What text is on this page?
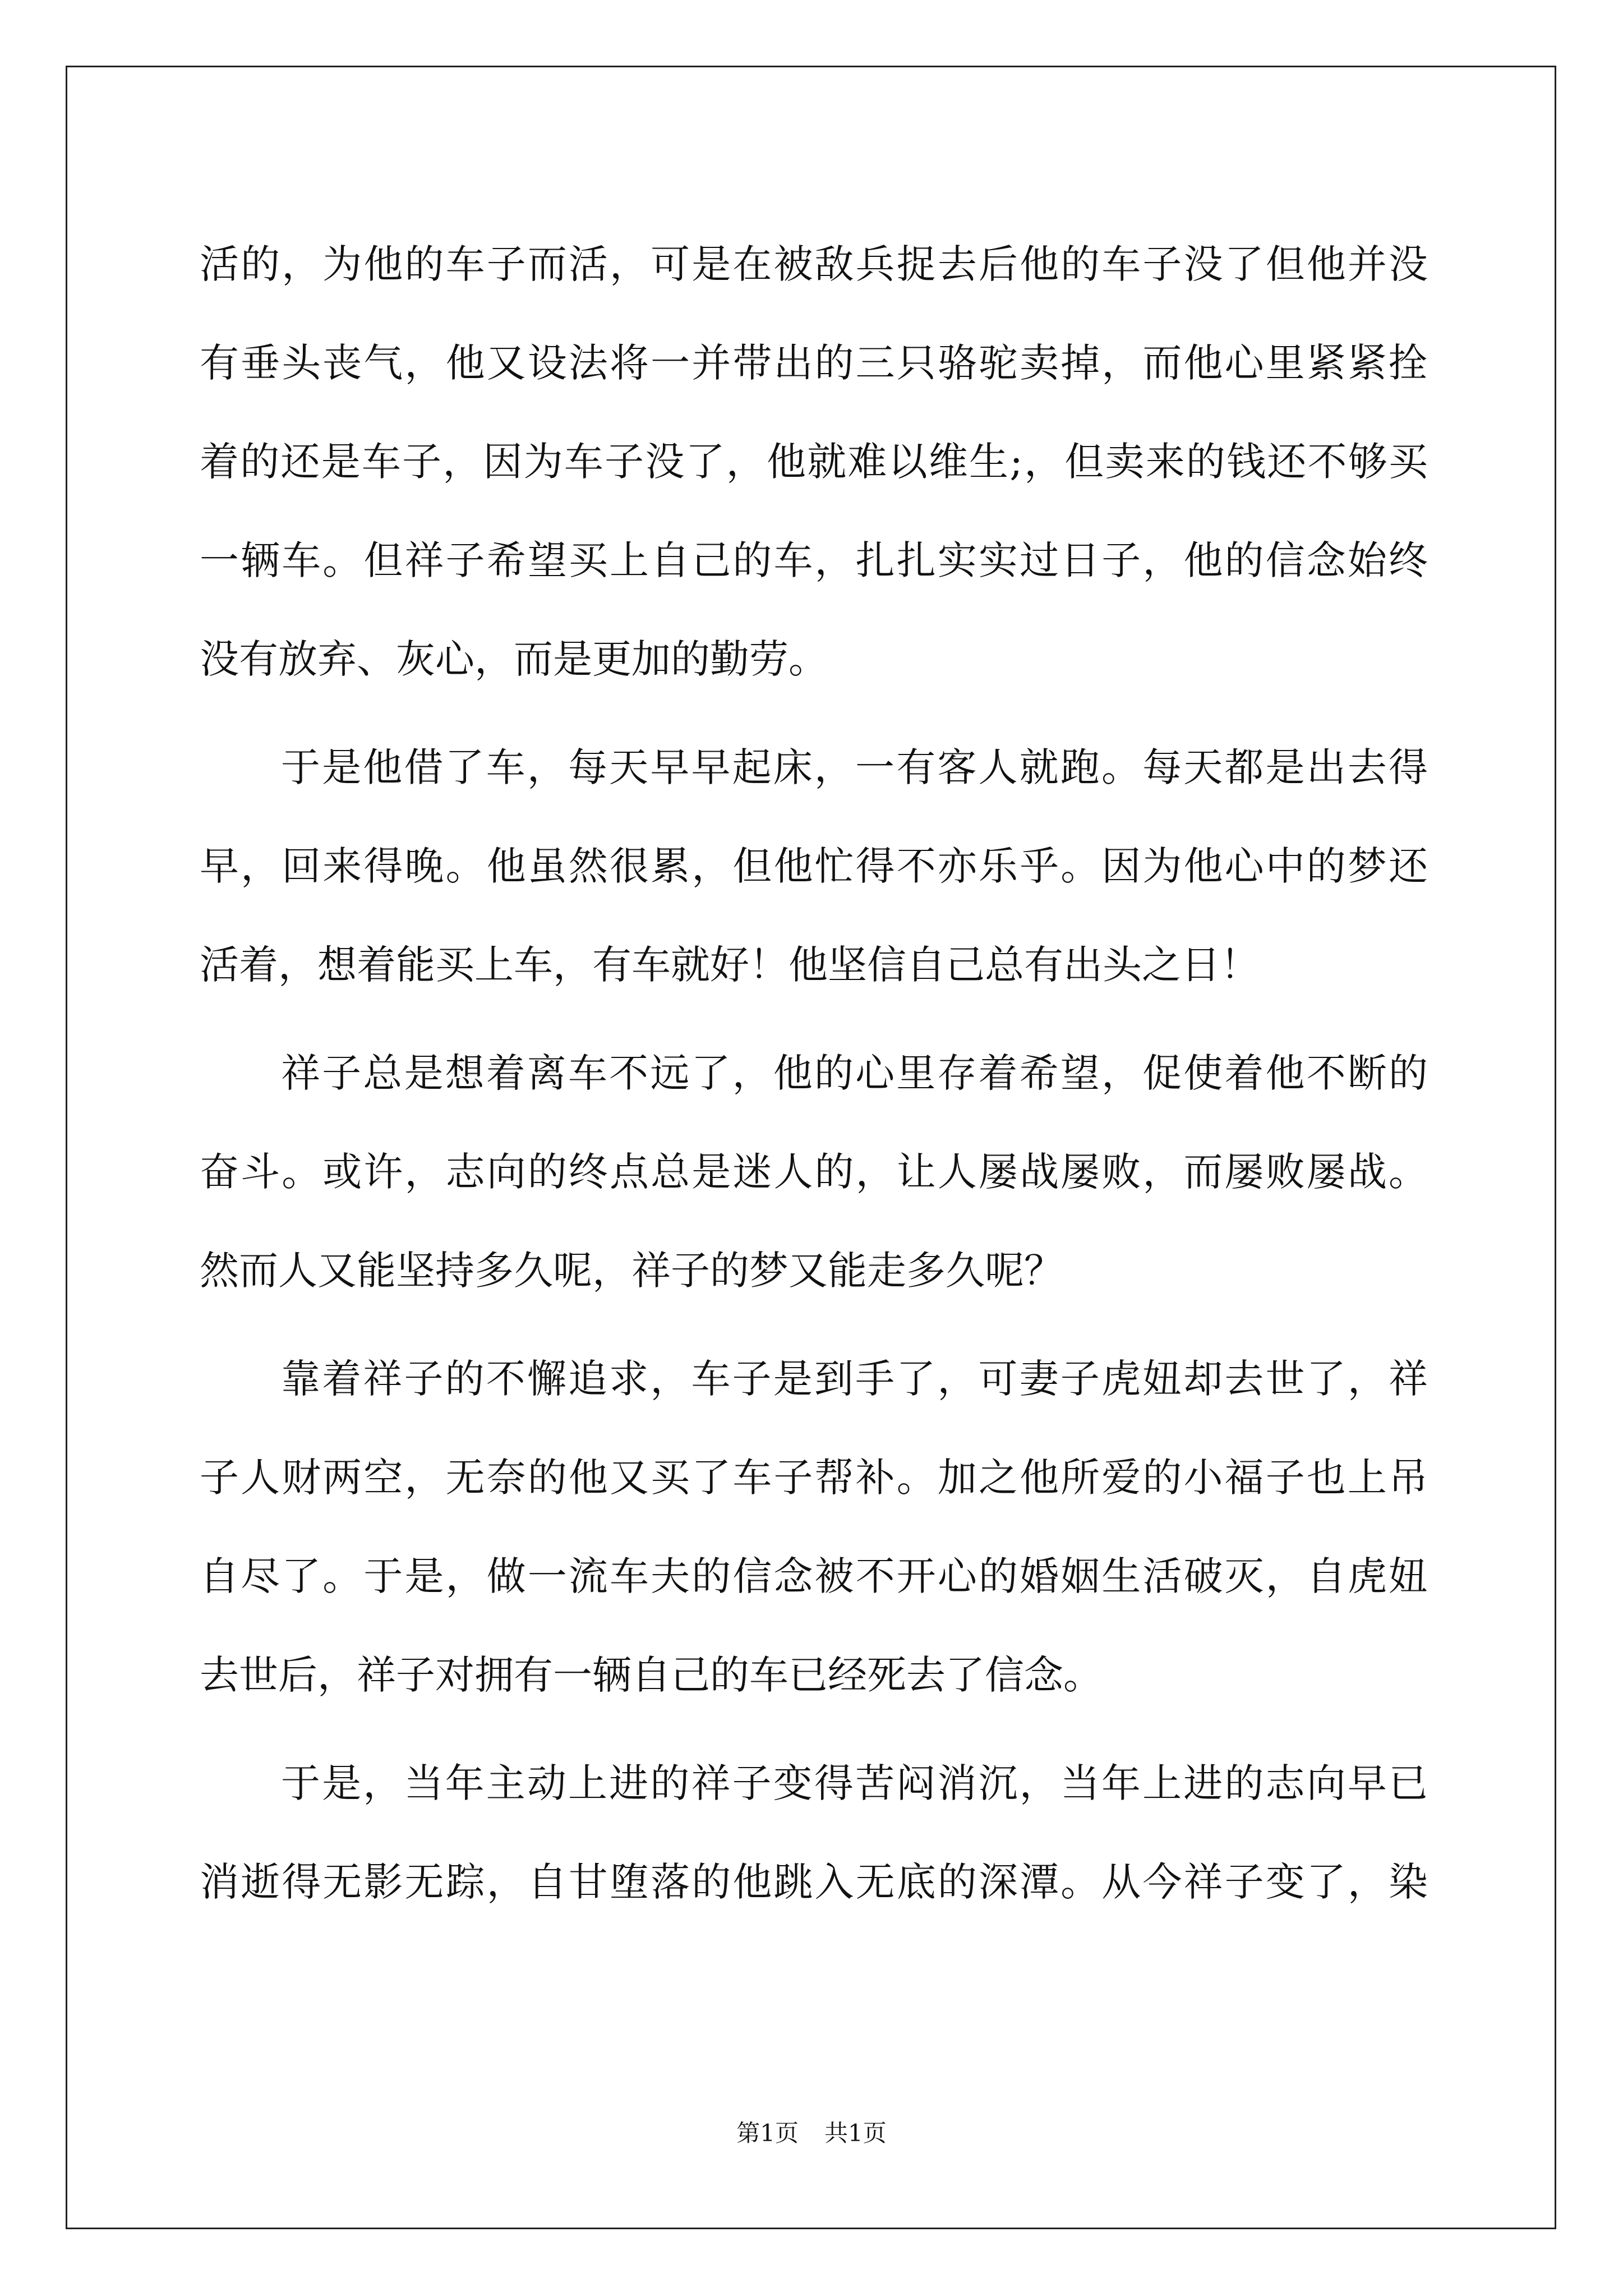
活的，为他的车子而活，可是在被敌兵捉去后他的车子没了但他并没
有垂头丧气，他又设法将一并带出的三只骆驼卖掉，而他心里紧紧拴
着的还是车子，因为车子没了，他就难以维生;，但卖来的钱还不够买
一辆车。但祥子希望买上自己的车，扎扎实实过日子，他的信念始终
没有放弃、灰心，而是更加的勤劳。
于是他借了车，每天早早起床，一有客人就跑。每天都是出去得
早，回来得晚。他虽然很累，但他忙得不亦乐乎。因为他心中的梦还
活着，想着能买上车，有车就好！他坚信自己总有出头之日！
祥子总是想着离车不远了，他的心里存着希望，促使着他不断的
奋斗。或许，志向的终点总是迷人的，让人屡战屡败，而屡败屡战。
然而人又能坚持多久呢，祥子的梦又能走多久呢？
靠着祥子的不懈追求，车子是到手了，可妻子虎妞却去世了，祥
子人财两空，无奈的他又买了车子帮补。加之他所爱的小福子也上吊
自尽了。于是，做一流车夫的信念被不开心的婚姻生活破灭，自虎妞
去世后，祥子对拥有一辆自己的车已经死去了信念。
于是，当年主动上进的祥子变得苦闷消沉，当年上进的志向早已
消逝得无影无踪，自甘堕落的他跳入无底的深潭。从今祥子变了，染
第1页 共1页
